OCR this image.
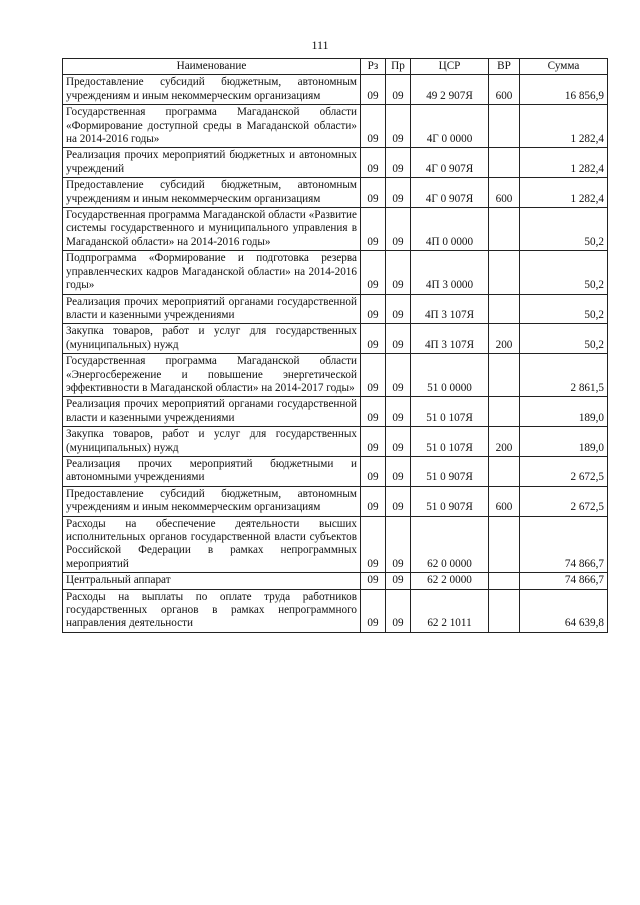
111
Наименование	Рз	Пр	ЦСР	ВР	Сумма
Предоставление субсидий бюджетным, автономным учреждениям и иным некоммерческим организациям	09	09	49 2 907Я	600	16 856,9
Государственная программа Магаданской области «Формирование доступной среды в Магаданской области» на 2014-2016 годы»	09	09	4Г 0 0000		1 282,4
Реализация прочих мероприятий бюджетных и автономных учреждений	09	09	4Г 0 907Я		1 282,4
Предоставление субсидий бюджетным, автономным учреждениям и иным некоммерческим организациям	09	09	4Г 0 907Я	600	1 282,4
Государственная программа Магаданской области «Развитие системы государственного и муниципального управления в Магаданской области» на 2014-2016 годы»	09	09	4П 0 0000		50,2
Подпрограмма «Формирование и подготовка резерва управленческих кадров Магаданской области» на 2014-2016 годы»	09	09	4П 3 0000		50,2
Реализация прочих мероприятий органами государственной власти и казенными учреждениями	09	09	4П 3 107Я		50,2
Закупка товаров, работ и услуг для государственных (муниципальных) нужд	09	09	4П 3 107Я	200	50,2
Государственная программа Магаданской области «Энергосбережение и повышение энергетической эффективности в Магаданской области» на 2014-2017 годы»	09	09	51 0 0000		2 861,5
Реализация прочих мероприятий органами государственной власти и казенными учреждениями	09	09	51 0 107Я		189,0
Закупка товаров, работ и услуг для государственных (муниципальных) нужд	09	09	51 0 107Я	200	189,0
Реализация прочих мероприятий бюджетными и автономными учреждениями	09	09	51 0 907Я		2 672,5
Предоставление субсидий бюджетным, автономным учреждениям и иным некоммерческим организациям	09	09	51 0 907Я	600	2 672,5
Расходы на обеспечение деятельности высших исполнительных органов государственной власти субъектов Российской Федерации в рамках непрограммных мероприятий	09	09	62 0 0000		74 866,7
Центральный аппарат	09	09	62 2 0000		74 866,7
Расходы на выплаты по оплате труда работников государственных органов в рамках непрограммного направления деятельности	09	09	62 2 1011		64 639,8
